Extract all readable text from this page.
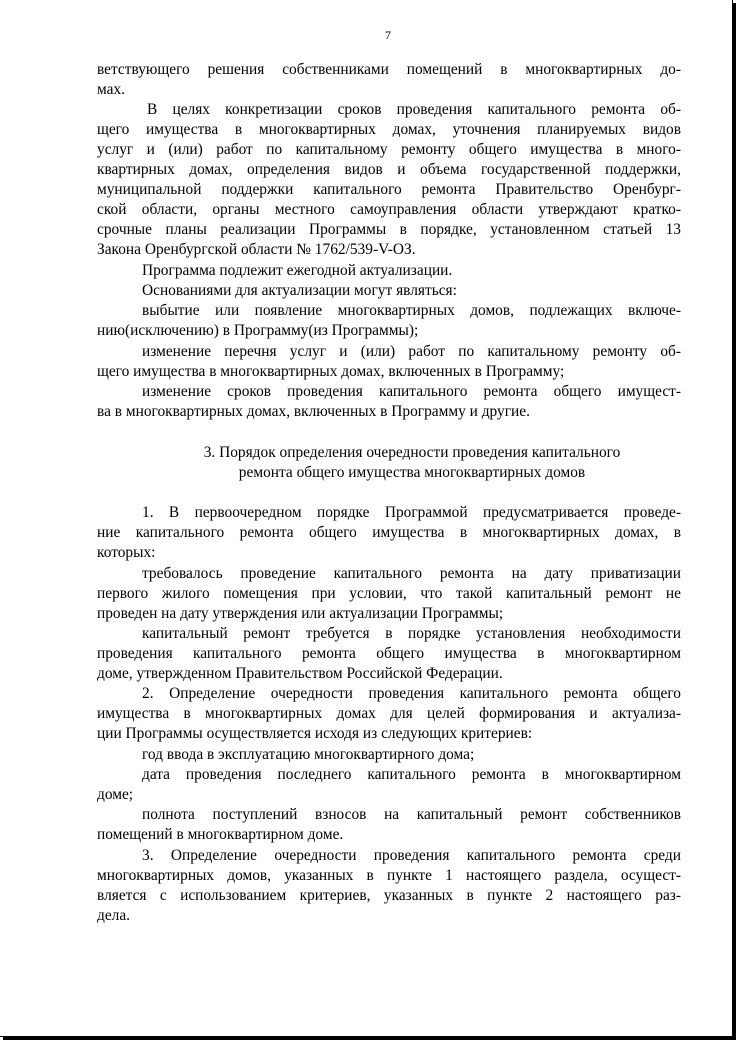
7
ветствующего решения собственниками помещений в многоквартирных до-
мах.
В целях конкретизации сроков проведения капитального ремонта об-
щего имущества в многоквартирных домах, уточнения планируемых видов
услуг и (или) работ по капитальному ремонту общего имущества в много-
квартирных домах, определения видов и объема государственной поддержки,
муниципальной поддержки капитального ремонта Правительство Оренбург-
ской области, органы местного самоуправления области утверждают кратко-
срочные планы реализации Программы в порядке, установленном статьей 13
Закона Оренбургской области № 1762/539-V-ОЗ.
Программа подлежит ежегодной актуализации.
Основаниями для актуализации могут являться:
выбытие или появление многоквартирных домов, подлежащих включе-
нию(исключению) в Программу(из Программы);
изменение перечня услуг и (или) работ по капитальному ремонту об-
щего имущества в многоквартирных домах, включенных в Программу;
изменение сроков проведения капитального ремонта общего имущест-
ва в многоквартирных домах, включенных в Программу и другие.
3. Порядок определения очередности проведения капитального
ремонта общего имущества многоквартирных домов
1. В первоочередном порядке Программой предусматривается проведе-
ние капитального ремонта общего имущества в многоквартирных домах, в
которых:
требовалось проведение капитального ремонта на дату приватизации
первого жилого помещения при условии, что такой капитальный ремонт не
проведен на дату утверждения или актуализации Программы;
капитальный ремонт требуется в порядке установления необходимости
проведения капитального ремонта общего имущества в многоквартирном
доме, утвержденном Правительством Российской Федерации.
2. Определение очередности проведения капитального ремонта общего
имущества в многоквартирных домах для целей формирования и актуализа-
ции Программы осуществляется исходя из следующих критериев:
год ввода в эксплуатацию многоквартирного дома;
дата проведения последнего капитального ремонта в многоквартирном
доме;
полнота поступлений взносов на капитальный ремонт собственников
помещений в многоквартирном доме.
3. Определение очередности проведения капитального ремонта среди
многоквартирных домов, указанных в пункте 1 настоящего раздела, осущест-
вляется с использованием критериев, указанных в пункте 2 настоящего раз-
дела.
